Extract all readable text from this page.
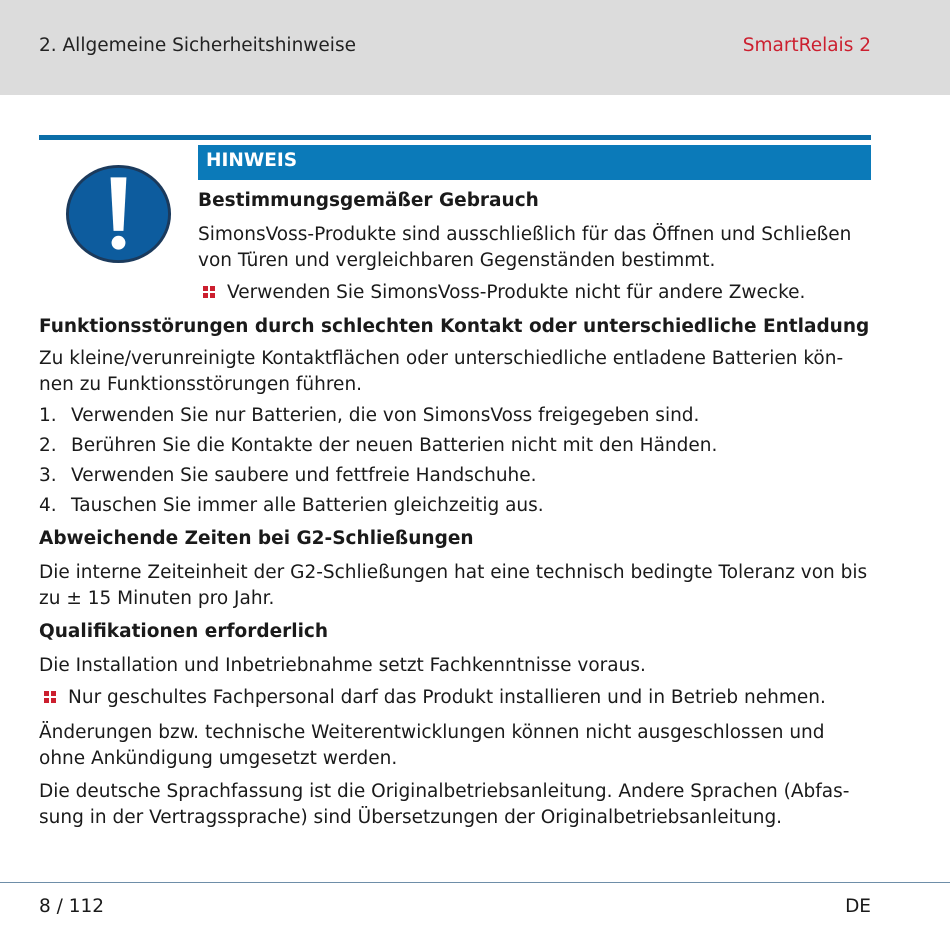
2. Allgemeine Sicherheitshinweise	SmartRelais 2
HINWEIS
Bestimmungsgemäßer Gebrauch
SimonsVoss-Produkte sind ausschließlich für das Öffnen und Schließen
von Türen und vergleichbaren Gegenständen bestimmt.
Verwenden Sie SimonsVoss-Produkte nicht für andere Zwecke.
Funktionsstörungen durch schlechten Kontakt oder unterschiedliche Entladung
Zu kleine/verunreinigte Kontaktflächen oder unterschiedliche entladene Batterien kön-
nen zu Funktionsstörungen führen.
1. Verwenden Sie nur Batterien, die von SimonsVoss freigegeben sind.
2. Berühren Sie die Kontakte der neuen Batterien nicht mit den Händen.
3. Verwenden Sie saubere und fettfreie Handschuhe.
4. Tauschen Sie immer alle Batterien gleichzeitig aus.
Abweichende Zeiten bei G2-Schließungen
Die interne Zeiteinheit der G2-Schließungen hat eine technisch bedingte Toleranz von bis
zu ± 15 Minuten pro Jahr.
Qualifikationen erforderlich
Die Installation und Inbetriebnahme setzt Fachkenntnisse voraus.
Nur geschultes Fachpersonal darf das Produkt installieren und in Betrieb nehmen.
Änderungen bzw. technische Weiterentwicklungen können nicht ausgeschlossen und
ohne Ankündigung umgesetzt werden.
Die deutsche Sprachfassung ist die Originalbetriebsanleitung. Andere Sprachen (Abfas-
sung in der Vertragssprache) sind Übersetzungen der Originalbetriebsanleitung.
8 / 112	DE
